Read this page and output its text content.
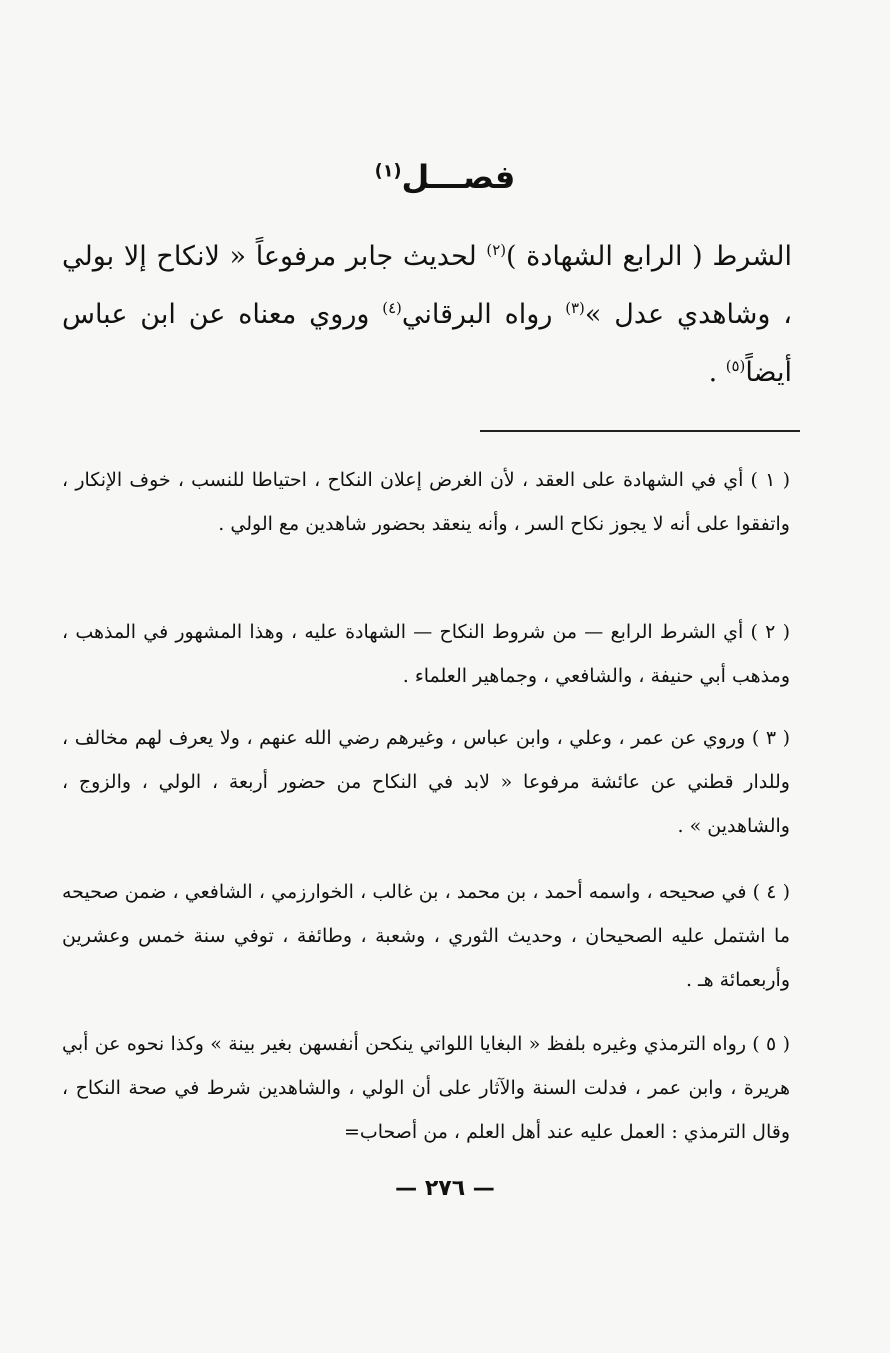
فصـــل$^{(١)}$

الشرط ( الرابع الشهادة )$^{(٢)}$ لحديث جابر مرفوعاً « لانكاح إلا بولي ، وشاهدي عدل »$^{(٣)}$ رواه البرقاني$^{(٤)}$ وروي معناه عن ابن عباس أيضاً$^{(٥)}$ .

( ١ ) أي في الشهادة على العقد ، لأن الغرض إعلان النكاح ، احتياطا للنسب ، خوف الإنكار ، واتفقوا على أنه لا يجوز نكاح السر ، وأنه ينعقد بحضور شاهدين مع الولي .

( ٢ ) أي الشرط الرابع — من شروط النكاح — الشهادة عليه ، وهذا المشهور في المذهب ، ومذهب أبي حنيفة ، والشافعي ، وجماهير العلماء .

( ٣ ) وروي عن عمر ، وعلي ، وابن عباس ، وغيرهم رضي الله عنهم ، ولا يعرف لهم مخالف ، وللدار قطني عن عائشة مرفوعا « لابد في النكاح من حضور أربعة ، الولي ، والزوج ، والشاهدين » .

( ٤ ) في صحيحه ، واسمه أحمد ، بن محمد ، بن غالب ، الخوارزمي ، الشافعي ، ضمن صحيحه ما اشتمل عليه الصحيحان ، وحديث الثوري ، وشعبة ، وطائفة ، توفي سنة خمس وعشرين وأربعمائة هـ .

( ٥ ) رواه الترمذي وغيره بلفظ « البغايا اللواتي ينكحن أنفسهن بغير بينة » وكذا نحوه عن أبي هريرة ، وابن عمر ، فدلت السنة والآثار على أن الولي ، والشاهدين شرط في صحة النكاح ، وقال الترمذي : العمل عليه عند أهل العلم ، من أصحاب=

— ٢٧٦ —
